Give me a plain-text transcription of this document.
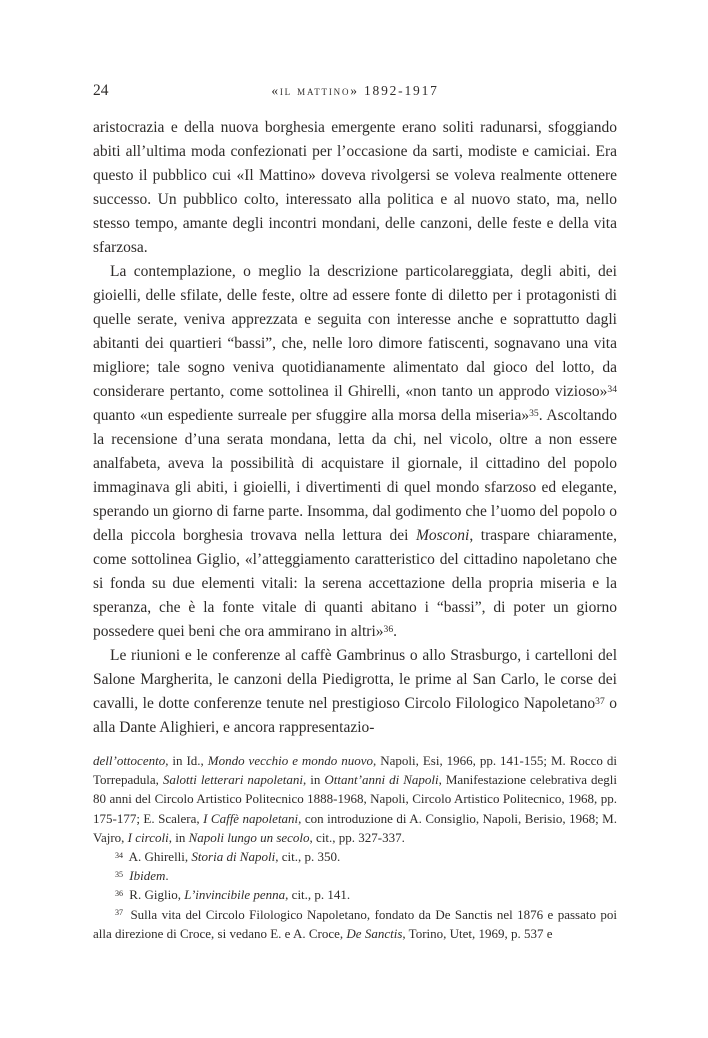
24	«il mattino» 1892-1917

aristocrazia e della nuova borghesia emergente erano soliti radunarsi, sfoggiando abiti all’ultima moda confezionati per l’occasione da sarti, modiste e camiciai. Era questo il pubblico cui «Il Mattino» doveva rivolgersi se voleva realmente ottenere successo. Un pubblico colto, interessato alla politica e al nuovo stato, ma, nello stesso tempo, amante degli incontri mondani, delle canzoni, delle feste e della vita sfarzosa.

La contemplazione, o meglio la descrizione particolareggiata, degli abiti, dei gioielli, delle sfilate, delle feste, oltre ad essere fonte di diletto per i protagonisti di quelle serate, veniva apprezzata e seguita con interesse anche e soprattutto dagli abitanti dei quartieri “bassi”, che, nelle loro dimore fatiscenti, sognavano una vita migliore; tale sogno veniva quotidianamente alimentato dal gioco del lotto, da considerare pertanto, come sottolinea il Ghirelli, «non tanto un approdo vizioso»$^{34}$ quanto «un espediente surreale per sfuggire alla morsa della miseria»$^{35}$. Ascoltando la recensione d’una serata mondana, letta da chi, nel vicolo, oltre a non essere analfabeta, aveva la possibilità di acquistare il giornale, il cittadino del popolo immaginava gli abiti, i gioielli, i divertimenti di quel mondo sfarzoso ed elegante, sperando un giorno di farne parte. Insomma, dal godimento che l’uomo del popolo o della piccola borghesia trovava nella lettura dei Mosconi, traspare chiaramente, come sottolinea Giglio, «l’atteggiamento caratteristico del cittadino napoletano che si fonda su due elementi vitali: la serena accettazione della propria miseria e la speranza, che è la fonte vitale di quanti abitano i “bassi”, di poter un giorno possedere quei beni che ora ammirano in altri»$^{36}$.

Le riunioni e le conferenze al caffè Gambrinus o allo Strasburgo, i cartelloni del Salone Margherita, le canzoni della Piedigrotta, le prime al San Carlo, le corse dei cavalli, le dotte conferenze tenute nel prestigioso Circolo Filologico Napoletano$^{37}$ o alla Dante Alighieri, e ancora rappresentazio-

dell’ottocento, in Id., Mondo vecchio e mondo nuovo, Napoli, Esi, 1966, pp. 141-155; M. Rocco di Torrepadula, Salotti letterari napoletani, in Ottant’anni di Napoli, Manifestazione celebrativa degli 80 anni del Circolo Artistico Politecnico 1888-1968, Napoli, Circolo Artistico Politecnico, 1968, pp. 175-177; E. Scalera, I Caffè napoletani, con introduzione di A. Consiglio, Napoli, Berisio, 1968; M. Vajro, I circoli, in Napoli lungo un secolo, cit., pp. 327-337.

$^{34}$ A. Ghirelli, Storia di Napoli, cit., p. 350.

$^{35}$ Ibidem.

$^{36}$ R. Giglio, L’invincibile penna, cit., p. 141.

$^{37}$ Sulla vita del Circolo Filologico Napoletano, fondato da De Sanctis nel 1876 e passato poi alla direzione di Croce, si vedano E. e A. Croce, De Sanctis, Torino, Utet, 1969, p. 537 e
